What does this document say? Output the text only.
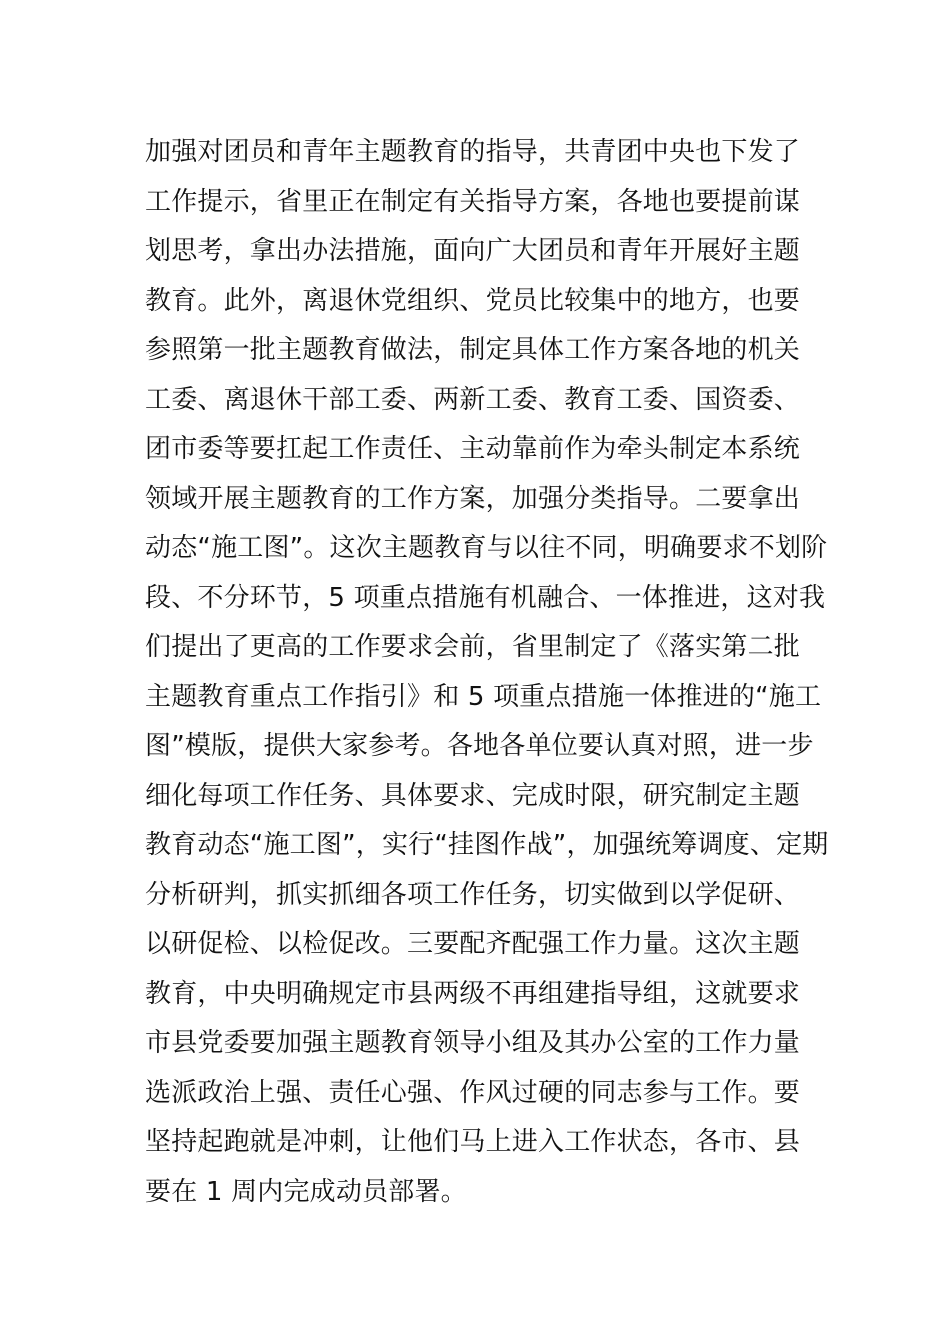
加强对团员和青年主题教育的指导，共青团中央也下发了
工作提示，省里正在制定有关指导方案，各地也要提前谋
划思考，拿出办法措施，面向广大团员和青年开展好主题
教育。此外，离退休党组织、党员比较集中的地方，也要
参照第一批主题教育做法，制定具体工作方案各地的机关
工委、离退休干部工委、两新工委、教育工委、国资委、
团市委等要扛起工作责任、主动靠前作为牵头制定本系统
领域开展主题教育的工作方案，加强分类指导。二要拿出
动态“施工图”。这次主题教育与以往不同，明确要求不划阶
段、不分环节，5 项重点措施有机融合、一体推进，这对我
们提出了更高的工作要求会前，省里制定了《落实第二批
主题教育重点工作指引》和 5 项重点措施一体推进的“施工
图”模版，提供大家参考。各地各单位要认真对照，进一步
细化每项工作任务、具体要求、完成时限，研究制定主题
教育动态“施工图”，实行“挂图作战”，加强统筹调度、定期
分析研判，抓实抓细各项工作任务，切实做到以学促研、
以研促检、以检促改。三要配齐配强工作力量。这次主题
教育，中央明确规定市县两级不再组建指导组，这就要求
市县党委要加强主题教育领导小组及其办公室的工作力量
选派政治上强、责任心强、作风过硬的同志参与工作。要
坚持起跑就是冲刺，让他们马上进入工作状态，各市、县
要在 1 周内完成动员部署。
